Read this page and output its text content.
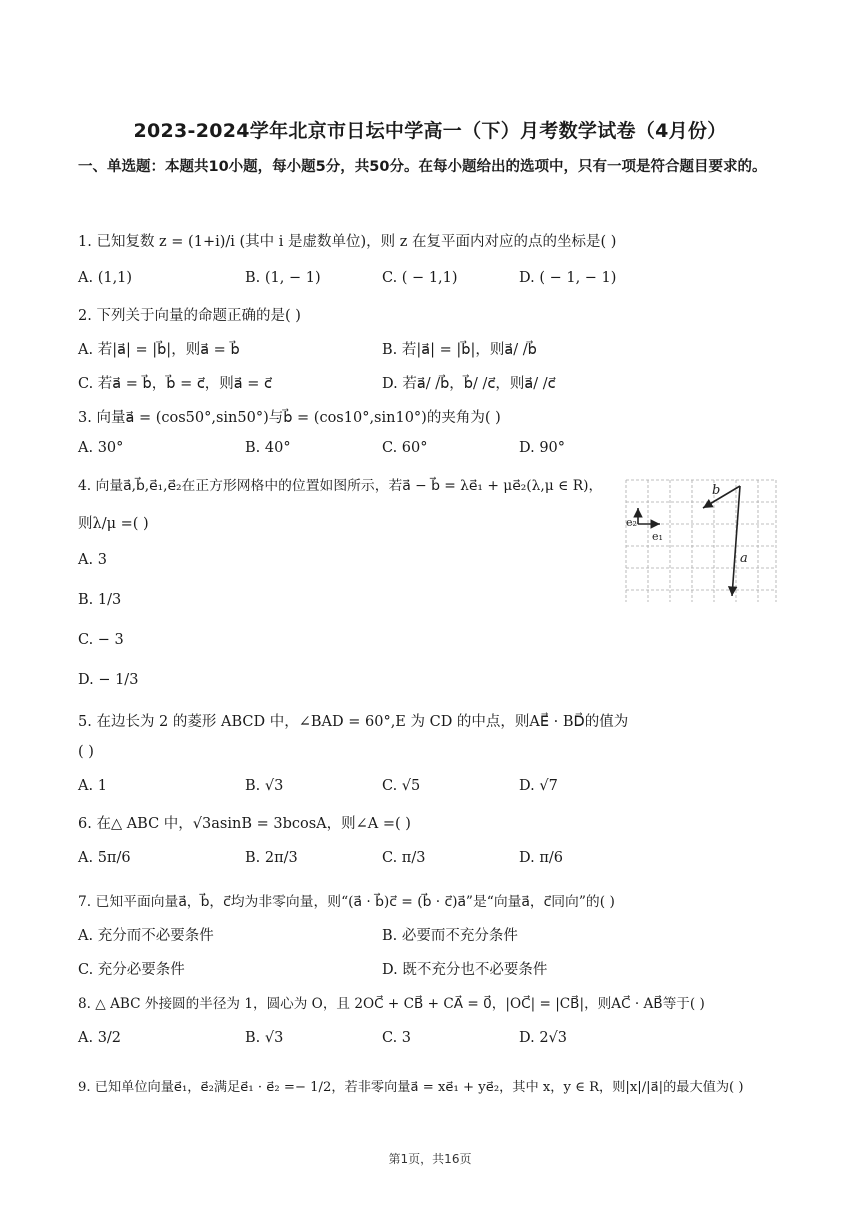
2023-2024学年北京市日坛中学高一（下）月考数学试卷（4月份）
一、单选题：本题共10小题，每小题5分，共50分。在每小题给出的选项中，只有一项是符合题目要求的。
1. 已知复数 z = (1+i)/i (其中 i 是虚数单位)，则 z 在复平面内对应的点的坐标是( )
A. (1,1)	B. (1, − 1)	C. ( − 1,1)	D. ( − 1, − 1)
2. 下列关于向量的命题正确的是( )
A. 若|a⃗| = |b⃗|，则a⃗ = b⃗	B. 若|a⃗| = |b⃗|，则a⃗/ /b⃗
C. 若a⃗ = b⃗，b⃗ = c⃗，则a⃗ = c⃗	D. 若a⃗/ /b⃗，b⃗/ /c⃗，则a⃗/ /c⃗
3. 向量a⃗ = (cos50°,sin50°)与b⃗ = (cos10°,sin10°)的夹角为( )
A. 30°	B. 40°	C. 60°	D. 90°
4. 向量a⃗,b⃗,e⃗₁,e⃗₂在正方形网格中的位置如图所示，若a⃗ − b⃗ = λe⃗₁ + μe⃗₂(λ,μ ∈ R)，
则λ/μ =( )
A. 3
B. 1/3
C. − 3
D. − 1/3
b
a
e₁
e₂
5. 在边长为 2 的菱形 ABCD 中，∠BAD = 60°,E 为 CD 的中点，则AE⃗ · BD⃗的值为
( )
A. 1	B. √3	C. √5	D. √7
6. 在△ ABC 中，√3asinB = 3bcosA，则∠A =( )
A. 5π/6	B. 2π/3	C. π/3	D. π/6
7. 已知平面向量a⃗，b⃗，c⃗均为非零向量，则“(a⃗ · b⃗)c⃗ = (b⃗ · c⃗)a⃗”是“向量a⃗，c⃗同向”的( )
A. 充分而不必要条件	B. 必要而不充分条件
C. 充分必要条件	D. 既不充分也不必要条件
8. △ ABC 外接圆的半径为 1，圆心为 O，且 2OC⃗ + CB⃗ + CA⃗ = 0⃗，|OC⃗| = |CB⃗|，则AC⃗ · AB⃗等于( )
A. 3/2	B. √3	C. 3	D. 2√3
9. 已知单位向量e⃗₁，e⃗₂满足e⃗₁ · e⃗₂ =− 1/2，若非零向量a⃗ = xe⃗₁ + ye⃗₂，其中 x，y ∈ R，则|x|/|a⃗|的最大值为( )
第1页，共16页
